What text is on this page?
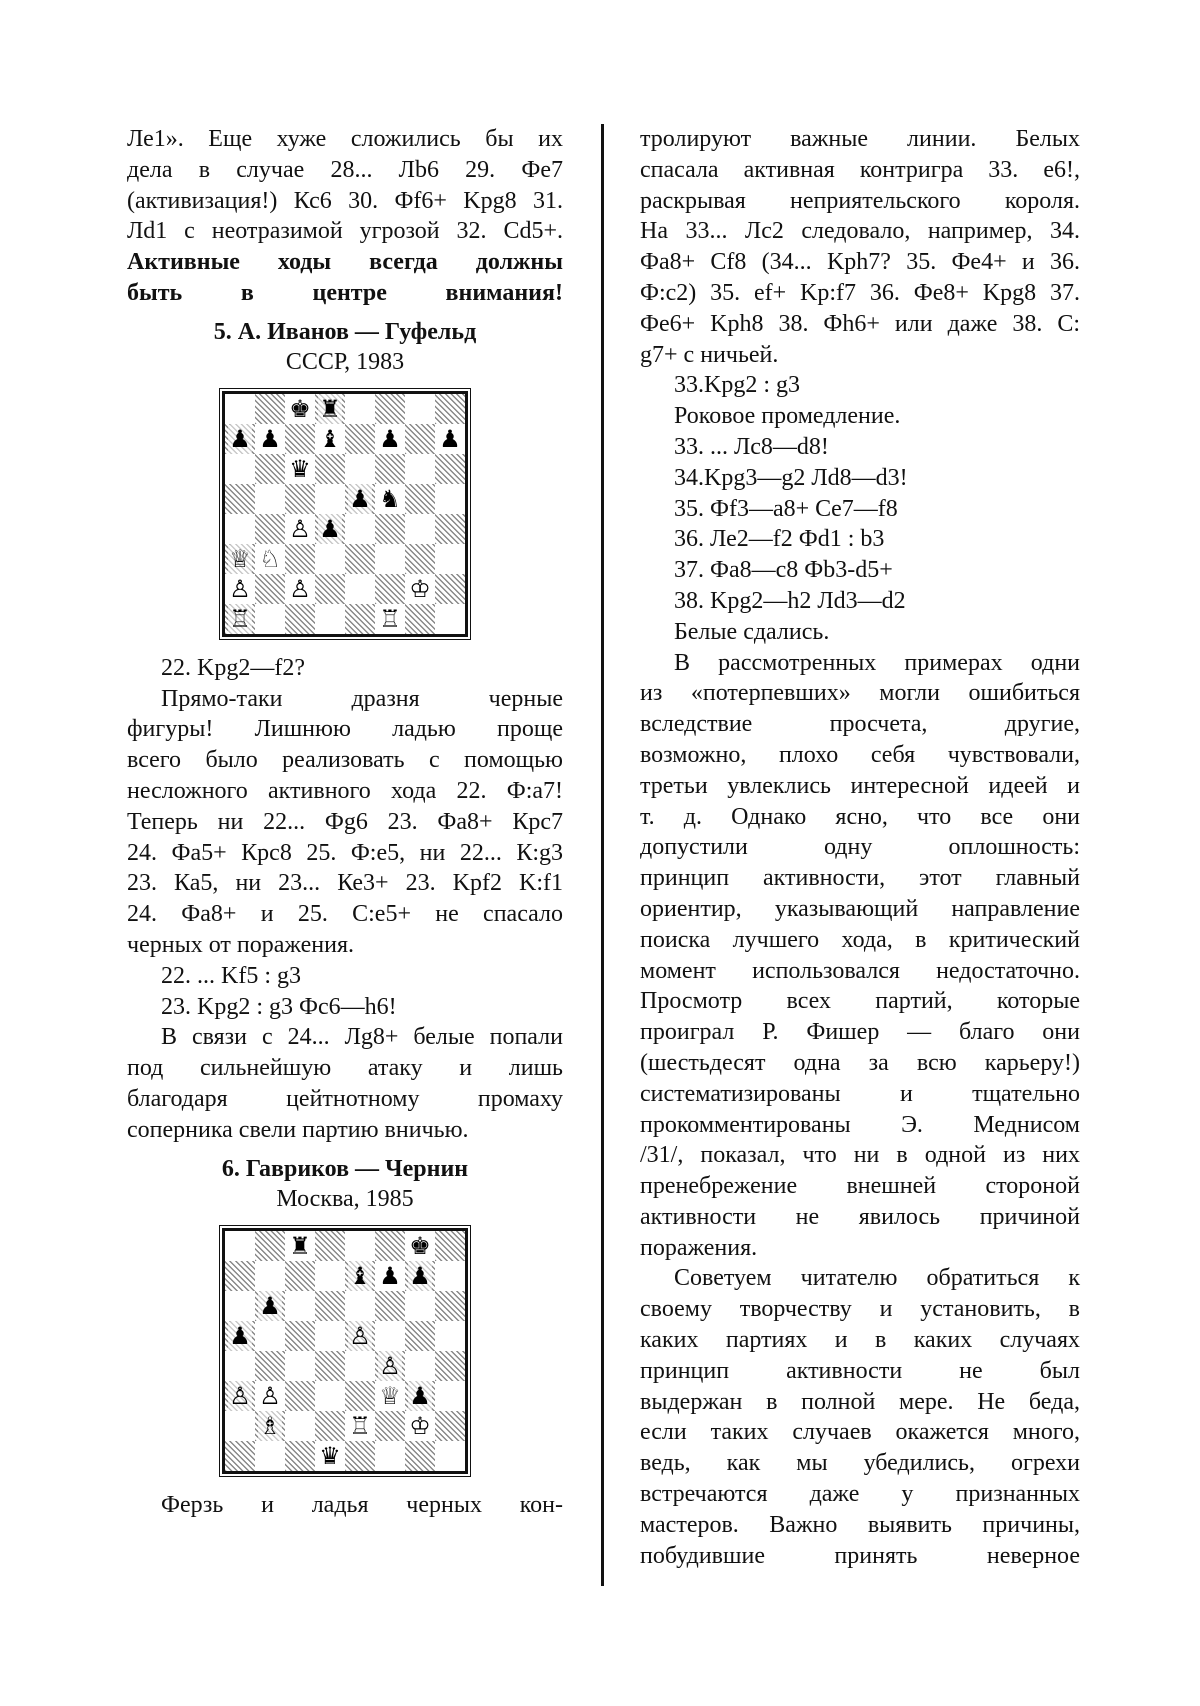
Ле1». Еще хуже сложились бы их
дела в случае 28... Лb6 29. Фе7
(активизация!) Кс6 30. Фf6+ Kpg8 31.
Лd1 с неотразимой угрозой 32. Cd5+.
Активные ходы всегда должны
быть в центре внимания!
5. А. Иванов — Гуфельд
СССР, 1983
♚ ♜
♟ ♟ ♝ ♟ ♟
♛
♟ ♞
♙ ♟
♕ ♘
♙ ♙	♔
♖	♖
22. Kpg2—f2?
Прямо-таки дразня черные
фигуры! Лишнюю ладью проще
всего было реализовать с помощью
несложного активного хода 22. Ф:а7!
Теперь ни 22... Фg6 23. Фа8+ Крс7
24. Фа5+ Крс8 25. Ф:е5, ни 22... К:g3
23. Ка5, ни 23... Ке3+ 23. Kpf2 K:f1
24. Фа8+ и 25. С:е5+ не спасало
черных от поражения.
22. ... Kf5 : g3
23. Kpg2 : g3 Фс6—h6!
В связи с 24... Лg8+ белые попали
под сильнейшую атаку и лишь
благодаря цейтнотному промаху
соперника свели партию вничью.
6. Гавриков — Чернин
Москва, 1985
♜	♚
♝ ♟ ♟
♟
♟	♙
♙
♙ ♙	♕ ♟
♗	♖ ♔
♛
Ферзь и ладья черных кон-
тролируют важные линии. Белых
спасала активная контригра 33. е6!,
раскрывая неприятельского короля.
На 33... Лс2 следовало, например, 34.
Фа8+ Cf8 (34... Kph7? 35. Фе4+ и 36.
Ф:с2) 35. ef+ Kp:f7 36. Фе8+ Kpg8 37.
Фе6+ Kph8 38. Фh6+ или даже 38. С:
g7+ с ничьей.
33.Kpg2 : g3
Роковое промедление.
33. ... Лс8—d8!
34.Kpg3—g2 Лd8—d3!
35. Фf3—a8+ Ce7—f8
36. Ле2—f2 Фd1 : b3
37. Фа8—с8 Фb3-d5+
38. Kpg2—h2 Лd3—d2
Белые сдались.
В рассмотренных примерах одни
из «потерпевших» могли ошибиться
вследствие просчета, другие,
возможно, плохо себя чувствовали,
третьи увлеклись интересной идеей и
т. д. Однако ясно, что все они
допустили одну оплошность:
принцип активности, этот главный
ориентир, указывающий направление
поиска лучшего хода, в критический
момент использовался недостаточно.
Просмотр всех партий, которые
проиграл Р. Фишер — благо они
(шестьдесят одна за всю карьеру!)
систематизированы и тщательно
прокомментированы Э. Меднисом
/31/, показал, что ни в одной из них
пренебрежение внешней стороной
активности не явилось причиной
поражения.
Советуем читателю обратиться к
своему творчеству и установить, в
каких партиях и в каких случаях
принцип активности не был
выдержан в полной мере. Не беда,
если таких случаев окажется много,
ведь, как мы убедились, огрехи
встречаются даже у признанных
мастеров. Важно выявить причины,
побудившие принять неверное
